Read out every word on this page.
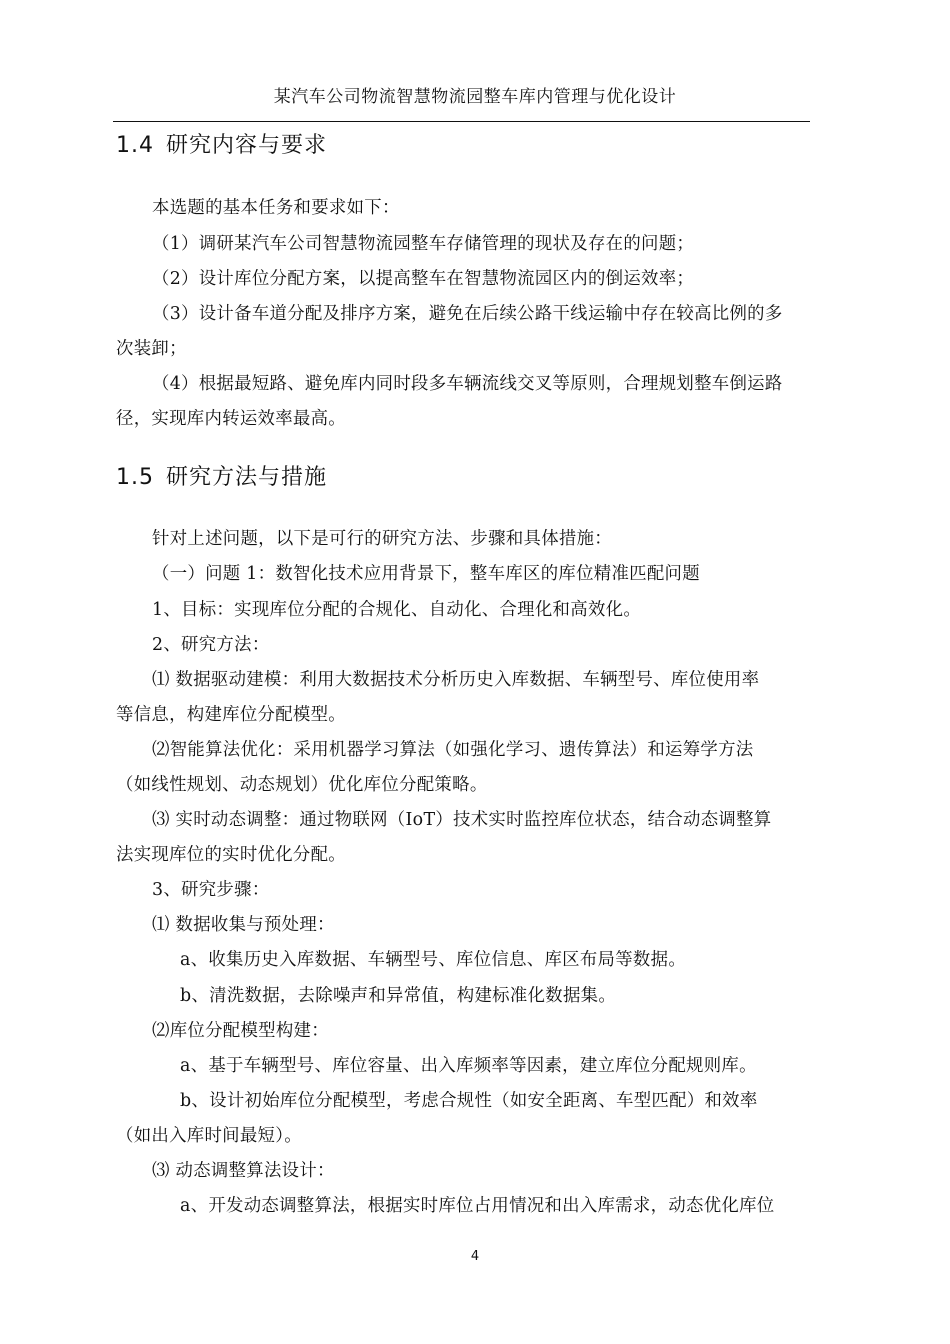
某汽车公司物流智慧物流园整车库内管理与优化设计
1.4 研究内容与要求
本选题的基本任务和要求如下：
（1）调研某汽车公司智慧物流园整车存储管理的现状及存在的问题；
（2）设计库位分配方案，以提高整车在智慧物流园区内的倒运效率；
（3）设计备车道分配及排序方案，避免在后续公路干线运输中存在较高比例的多
次装卸；
（4）根据最短路、避免库内同时段多车辆流线交叉等原则，合理规划整车倒运路
径，实现库内转运效率最高。
1.5 研究方法与措施
针对上述问题，以下是可行的研究方法、步骤和具体措施：
（一）问题 1：数智化技术应用背景下，整车库区的库位精准匹配问题
1、目标：实现库位分配的合规化、自动化、合理化和高效化。
2、研究方法：
⑴ 数据驱动建模：利用大数据技术分析历史入库数据、车辆型号、库位使用率
等信息，构建库位分配模型。
⑵智能算法优化：采用机器学习算法（如强化学习、遗传算法）和运筹学方法
（如线性规划、动态规划）优化库位分配策略。
⑶ 实时动态调整：通过物联网（IoT）技术实时监控库位状态，结合动态调整算
法实现库位的实时优化分配。
3、研究步骤：
⑴ 数据收集与预处理：
a、收集历史入库数据、车辆型号、库位信息、库区布局等数据。
b、清洗数据，去除噪声和异常值，构建标准化数据集。
⑵库位分配模型构建：
a、基于车辆型号、库位容量、出入库频率等因素，建立库位分配规则库。
b、设计初始库位分配模型，考虑合规性（如安全距离、车型匹配）和效率
（如出入库时间最短）。
⑶ 动态调整算法设计：
a、开发动态调整算法，根据实时库位占用情况和出入库需求，动态优化库位
4
